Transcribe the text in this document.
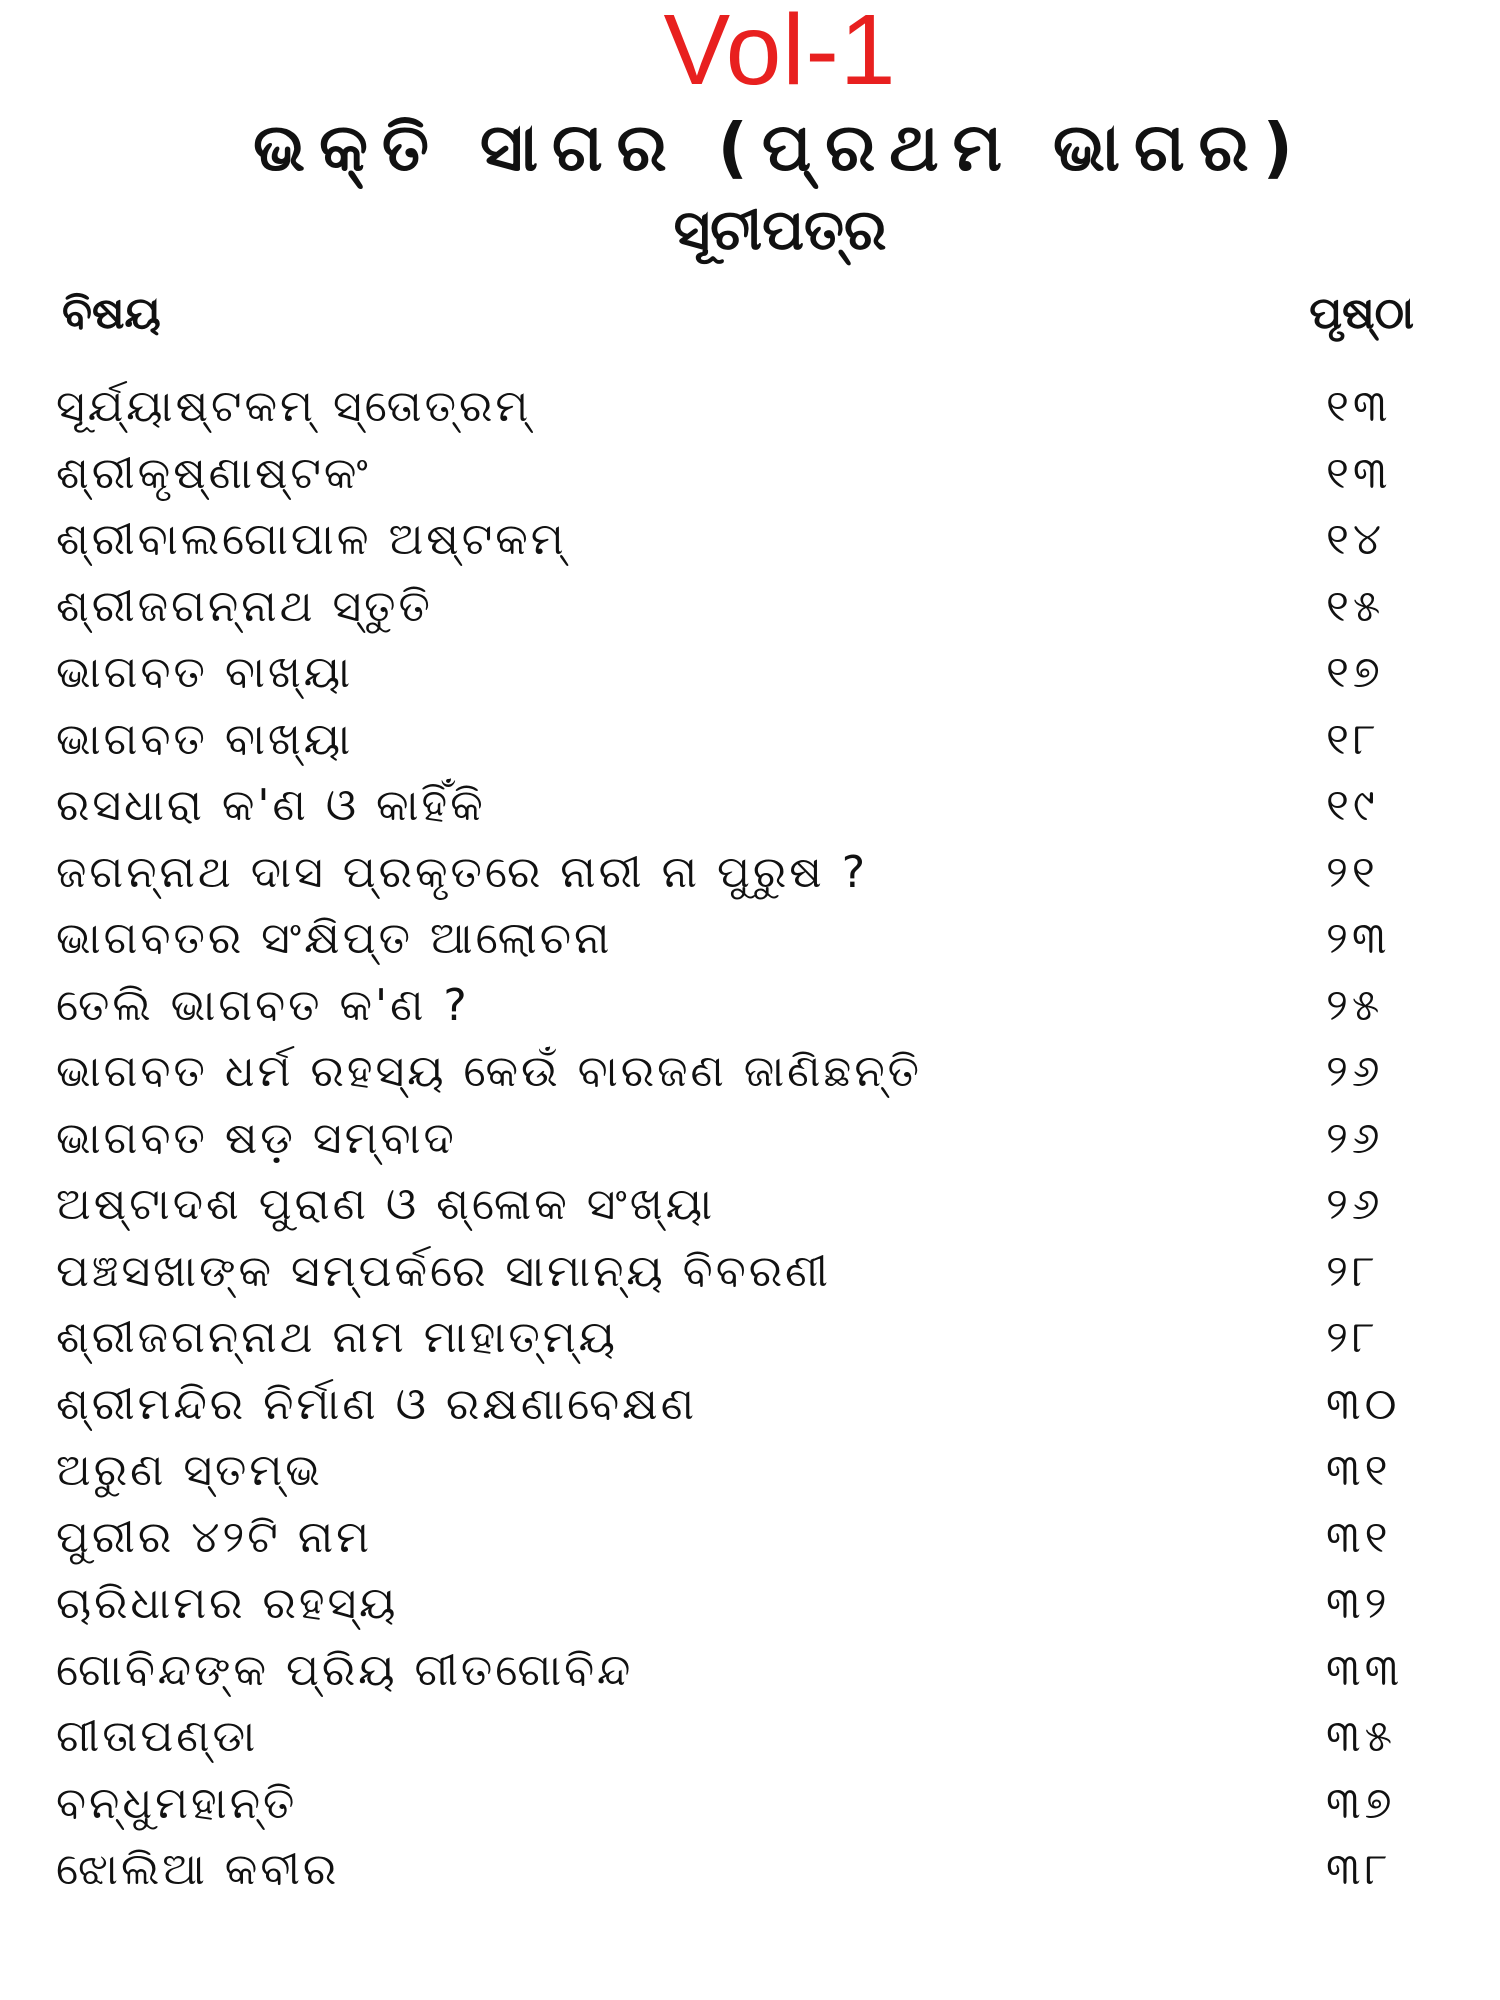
Vol-1
ଭକ୍ତି ସାଗର (ପ୍ରଥମ ଭାଗର)
ସୂଚୀପତ୍ର
ବିଷୟ	ପୃଷ୍ଠା
ସୂର୍ଯ୍ୟାଷ୍ଟକମ୍ ସ୍ତୋତ୍ରମ୍	୧୩
ଶ୍ରୀକୃଷ୍ଣାଷ୍ଟକଂ	୧୩
ଶ୍ରୀବାଲଗୋପାଳ ଅଷ୍ଟକମ୍	୧୪
ଶ୍ରୀଜଗନ୍ନାଥ ସ୍ତୁତି	୧୫
ଭାଗବତ ବାଖ୍ୟା	୧୭
ଭାଗବତ ବାଖ୍ୟା	୧୮
ରସଧାରା କ'ଣ ଓ କାହିଁକି	୧୯
ଜଗନ୍ନାଥ ଦାସ ପ୍ରକୃତରେ ନାରୀ ନା ପୁରୁଷ ?	୨୧
ଭାଗବତର ସଂକ୍ଷିପ୍ତ ଆଲୋଚନା	୨୩
ତେଲି ଭାଗବତ କ'ଣ ?	୨୫
ଭାଗବତ ଧର୍ମ ରହସ୍ୟ କେଉଁ ବାରଜଣ ଜାଣିଛନ୍ତି	୨୬
ଭାଗବତ ଷଡ଼ ସମ୍ବାଦ	୨୬
ଅଷ୍ଟାଦଶ ପୁରାଣ ଓ ଶ୍ଳୋକ ସଂଖ୍ୟା	୨୬
ପଞ୍ଚସଖାଙ୍କ ସମ୍ପର୍କରେ ସାମାନ୍ୟ ବିବରଣୀ	୨୮
ଶ୍ରୀଜଗନ୍ନାଥ ନାମ ମାହାତ୍ମ୍ୟ	୨୮
ଶ୍ରୀମନ୍ଦିର ନିର୍ମାଣ ଓ ରକ୍ଷଣାବେକ୍ଷଣ	୩୦
ଅରୁଣ ସ୍ତମ୍ଭ	୩୧
ପୁରୀର ୪୨ଟି ନାମ	୩୧
ଚାରିଧାମର ରହସ୍ୟ	୩୨
ଗୋବିନ୍ଦଙ୍କ ପ୍ରିୟ ଗୀତଗୋବିନ୍ଦ	୩୩
ଗୀତାପଣ୍ଡା	୩୫
ବନ୍ଧୁମହାନ୍ତି	୩୭
ଝୋଲିଆ କବୀର	୩୮
